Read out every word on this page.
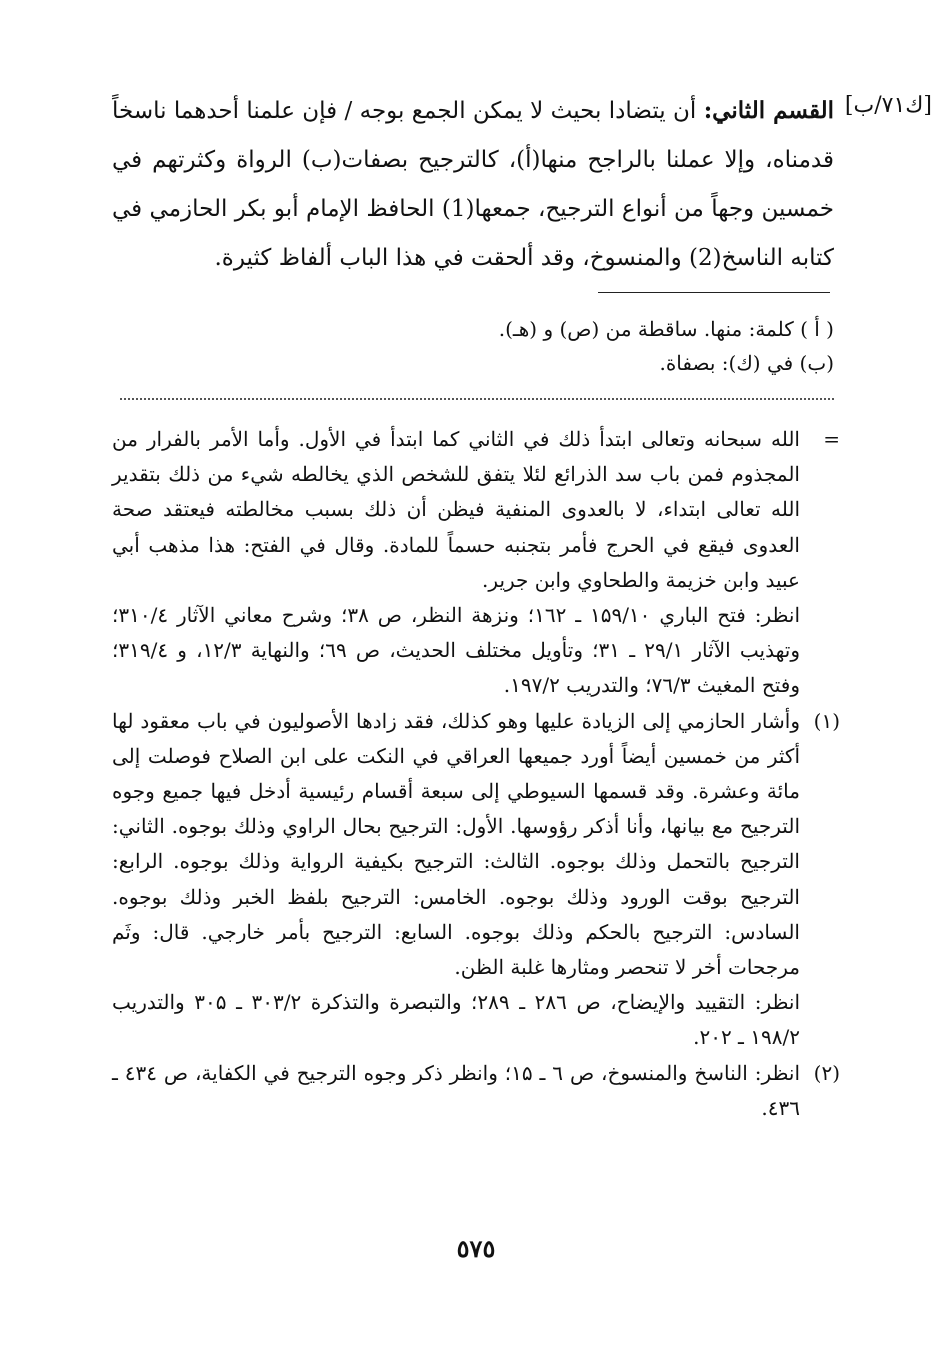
[ك۷۱/ب]

القسم الثاني: أن يتضادا بحيث لا يمكن الجمع بوجه / فإن علمنا أحدهما ناسخاً قدمناه، وإلا عملنا بالراجح منها(أ)، كالترجيح بصفات(ب) الرواة وكثرتهم في خمسين وجهاً من أنواع الترجيح، جمعها(1) الحافظ الإمام أبو بكر الحازمي في كتابه الناسخ(2) والمنسوخ، وقد ألحقت في هذا الباب ألفاظ كثيرة.

( أ ) كلمة: منها. ساقطة من (ص) و (هـ).

(ب) في (ك): بصفاة.

=

الله سبحانه وتعالى ابتدأ ذلك في الثاني كما ابتدأ في الأول. وأما الأمر بالفرار من المجذوم فمن باب سد الذرائع لئلا يتفق للشخص الذي يخالطه شيء من ذلك بتقدير الله تعالى ابتداء، لا بالعدوى المنفية فيظن أن ذلك بسبب مخالطته فيعتقد صحة العدوى فيقع في الحرج فأمر بتجنبه حسماً للمادة. وقال في الفتح: هذا مذهب أبي عبيد وابن خزيمة والطحاوي وابن جرير.

انظر: فتح الباري ۱۵۹/۱۰ ـ ۱٦۲؛ ونزهة النظر، ص ۳۸؛ وشرح معاني الآثار ۳۱۰/٤؛ وتهذيب الآثار ۲۹/۱ ـ ۳۱؛ وتأويل مختلف الحديث، ص ٦۹؛ والنهاية ۱۲/۳، و ۳۱۹/٤؛ وفتح المغيث ۷٦/۳؛ والتدريب ۱۹۷/۲.

(۱)

وأشار الحازمي إلى الزيادة عليها وهو كذلك، فقد زادها الأصوليون في باب معقود لها أكثر من خمسين أيضاً أورد جميعها العراقي في النكت على ابن الصلاح فوصلت إلى مائة وعشرة. وقد قسمها السيوطي إلى سبعة أقسام رئيسية أدخل فيها جميع وجوه الترجيح مع بيانها، وأنا أذكر رؤوسها. الأول: الترجيح بحال الراوي وذلك بوجوه. الثاني: الترجيح بالتحمل وذلك بوجوه. الثالث: الترجيح بكيفية الرواية وذلك بوجوه. الرابع: الترجيح بوقت الورود وذلك بوجوه. الخامس: الترجيح بلفظ الخبر وذلك بوجوه. السادس: الترجيح بالحكم وذلك بوجوه. السابع: الترجيح بأمر خارجي. قال: وثَم مرجحات أخر لا تنحصر ومثارها غلبة الظن.

انظر: التقييد والإيضاح، ص ۲۸٦ ـ ۲۸۹؛ والتبصرة والتذكرة ۳۰۳/۲ ـ ۳۰۵ والتدريب ۱۹۸/۲ ـ ۲۰۲.

(۲)

انظر: الناسخ والمنسوخ، ص ٦ ـ ۱۵؛ وانظر ذكر وجوه الترجيح في الكفاية، ص ٤۳٤ ـ ٤۳٦.

٥٧٥
